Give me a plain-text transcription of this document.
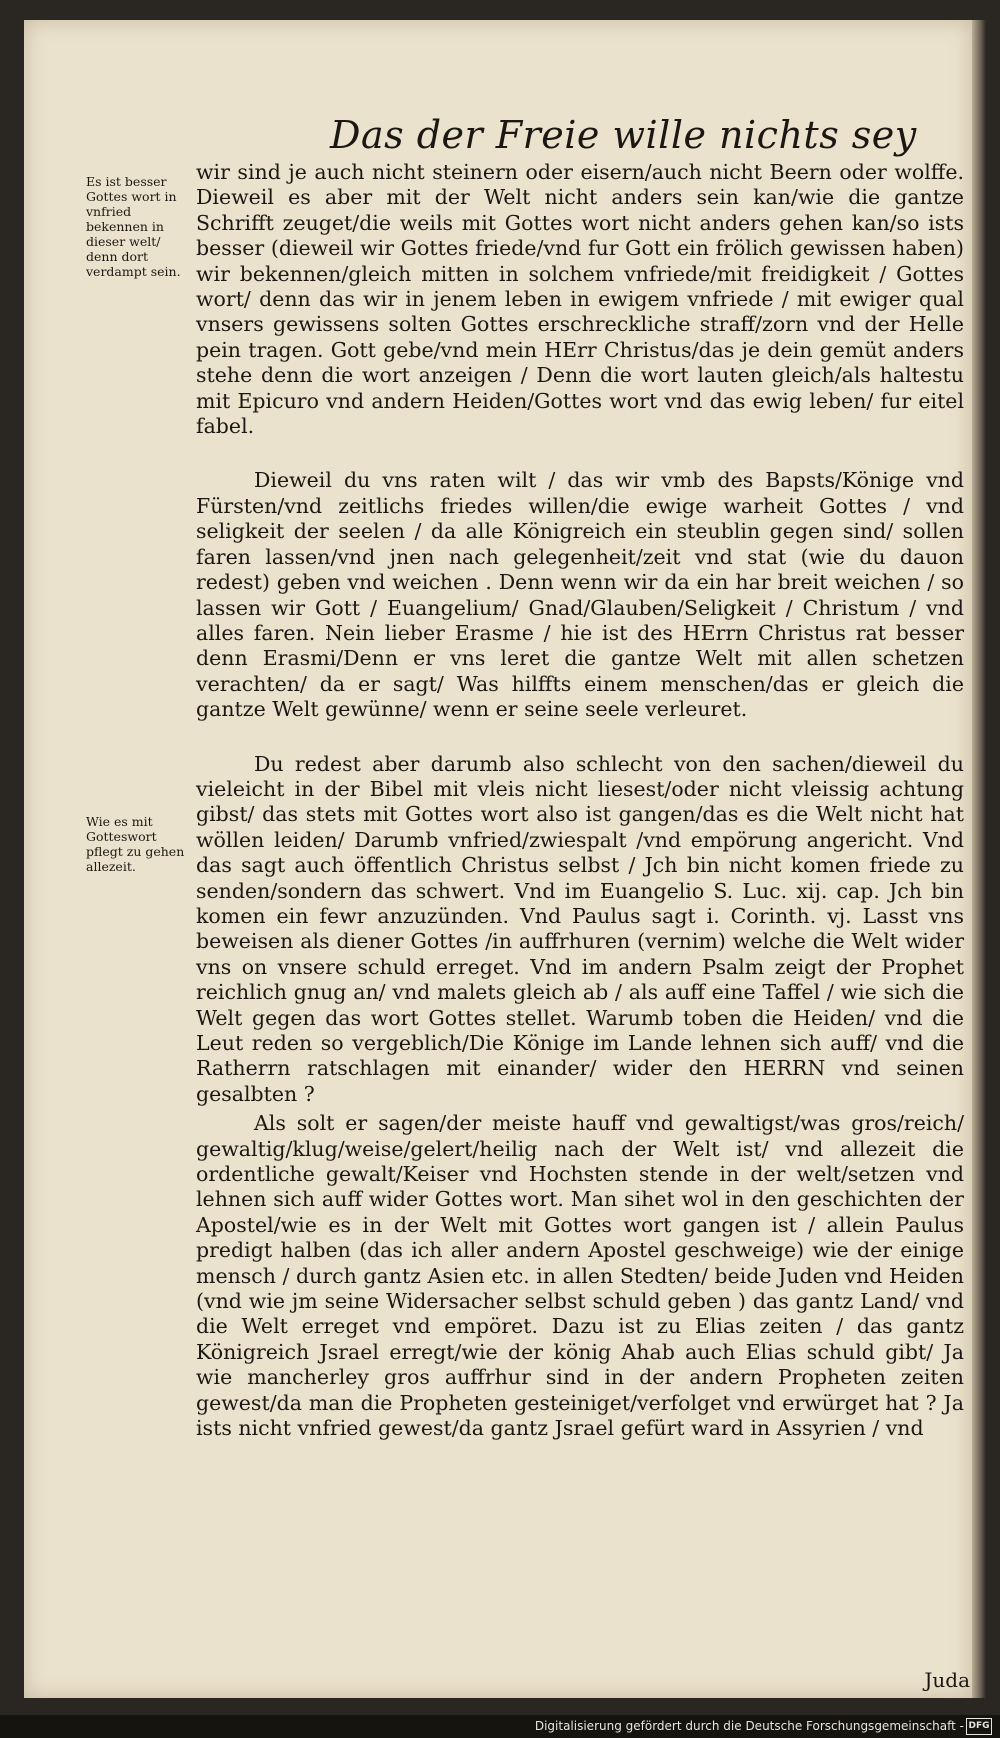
Das der Freie wille nichts sey

Es ist besser Gottes wort in vnfried bekennen in dieser welt/ denn dort verdampt sein.

Wie es mit Gotteswort pflegt zu gehen allezeit.

wir sind je auch nicht steinern oder eisern/auch nicht Beern oder wolffe. Dieweil es aber mit der Welt nicht anders sein kan/wie die gantze Schrifft zeuget/die weils mit Gottes wort nicht anders gehen kan/so ists besser (dieweil wir Gottes friede/vnd fur Gott ein frölich gewissen haben) wir bekennen/gleich mitten in solchem vnfriede/mit freidigkeit / Gottes wort/ denn das wir in jenem leben in ewigem vnfriede / mit ewiger qual vnsers gewissens solten Gottes erschreckliche straff/zorn vnd der Helle pein tragen. Gott gebe/vnd mein HErr Christus/das je dein gemüt anders stehe denn die wort anzeigen / Denn die wort lauten gleich/als haltestu mit Epicuro vnd andern Heiden/Gottes wort vnd das ewig leben/ fur eitel fabel.

Dieweil du vns raten wilt / das wir vmb des Bapsts/Könige vnd Fürsten/vnd zeitlichs friedes willen/die ewige warheit Gottes / vnd seligkeit der seelen / da alle Königreich ein steublin gegen sind/ sollen faren lassen/vnd jnen nach gelegenheit/zeit vnd stat (wie du dauon redest) geben vnd weichen . Denn wenn wir da ein har breit weichen / so lassen wir Gott / Euangelium/ Gnad/Glauben/Seligkeit / Christum / vnd alles faren. Nein lieber Erasme / hie ist des HErrn Christus rat besser denn Erasmi/Denn er vns leret die gantze Welt mit allen schetzen verachten/ da er sagt/ Was hilffts einem menschen/das er gleich die gantze Welt gewünne/ wenn er seine seele verleuret.

Du redest aber darumb also schlecht von den sachen/dieweil du vieleicht in der Bibel mit vleis nicht liesest/oder nicht vleissig achtung gibst/ das stets mit Gottes wort also ist gangen/das es die Welt nicht hat wöllen leiden/ Darumb vnfried/zwiespalt /vnd empörung angericht. Vnd das sagt auch öffentlich Christus selbst / Jch bin nicht komen friede zu senden/sondern das schwert. Vnd im Euangelio S. Luc. xij. cap. Jch bin komen ein fewr anzuzünden. Vnd Paulus sagt i. Corinth. vj. Lasst vns beweisen als diener Gottes /in auffrhuren (vernim) welche die Welt wider vns on vnsere schuld erreget. Vnd im andern Psalm zeigt der Prophet reichlich gnug an/ vnd malets gleich ab / als auff eine Taffel / wie sich die Welt gegen das wort Gottes stellet. Warumb toben die Heiden/ vnd die Leut reden so vergeblich/Die Könige im Lande lehnen sich auff/ vnd die Ratherrn ratschlagen mit einander/ wider den HERRN vnd seinen gesalbten ?

Als solt er sagen/der meiste hauff vnd gewaltigst/was gros/reich/ gewaltig/klug/weise/gelert/heilig nach der Welt ist/ vnd allezeit die ordentliche gewalt/Keiser vnd Hochsten stende in der welt/setzen vnd lehnen sich auff wider Gottes wort. Man sihet wol in den geschichten der Apostel/wie es in der Welt mit Gottes wort gangen ist / allein Paulus predigt halben (das ich aller andern Apostel geschweige) wie der einige mensch / durch gantz Asien etc. in allen Stedten/ beide Juden vnd Heiden (vnd wie jm seine Widersacher selbst schuld geben ) das gantz Land/ vnd die Welt erreget vnd empöret. Dazu ist zu Elias zeiten / das gantz Königreich Jsrael erregt/wie der könig Ahab auch Elias schuld gibt/ Ja wie mancherley gros auffrhur sind in der andern Propheten zeiten gewest/da man die Propheten gesteiniget/verfolget vnd erwürget hat ? Ja ists nicht vnfried gewest/da gantz Jsrael gefürt ward in Assyrien / vnd

Juda
Digitalisierung gefördert durch die Deutsche Forschungsgemeinschaft - DFG
